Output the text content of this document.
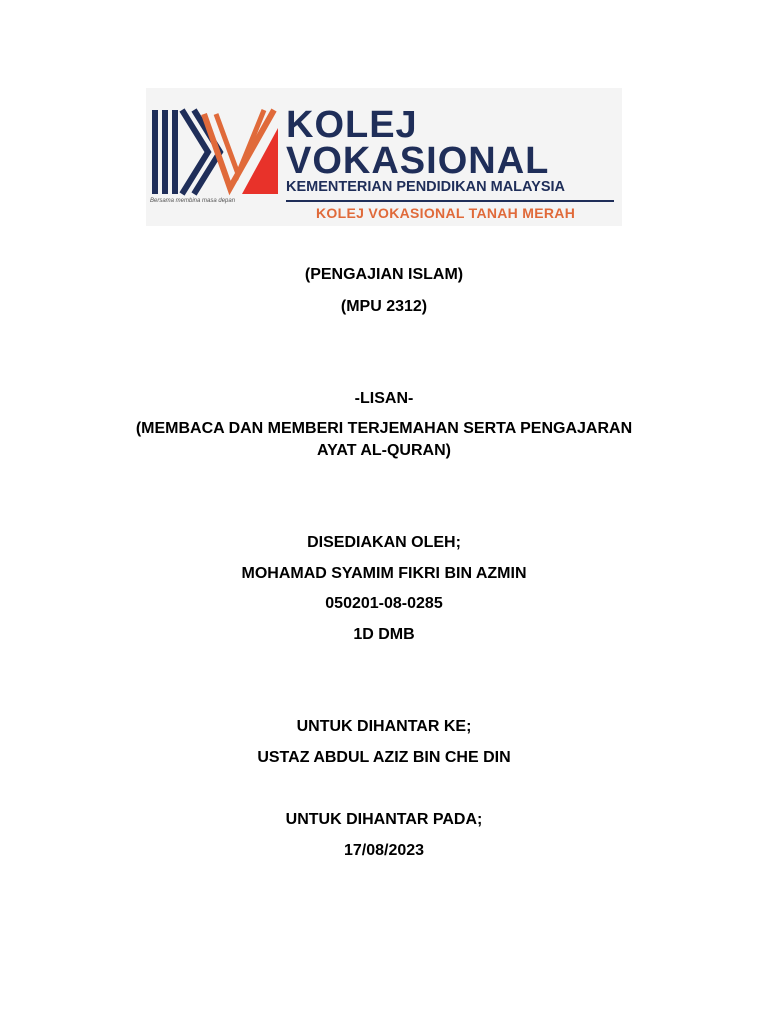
Bersama membina masa depan
KOLEJ
VOKASIONAL
KEMENTERIAN PENDIDIKAN MALAYSIA
KOLEJ VOKASIONAL TANAH MERAH
(PENGAJIAN ISLAM)
(MPU 2312)
-LISAN-
(MEMBACA DAN MEMBERI TERJEMAHAN SERTA PENGAJARAN
AYAT AL-QURAN)
DISEDIAKAN OLEH;
MOHAMAD SYAMIM FIKRI BIN AZMIN
050201-08-0285
1D DMB
UNTUK DIHANTAR KE;
USTAZ ABDUL AZIZ BIN CHE DIN
UNTUK DIHANTAR PADA;
17/08/2023
